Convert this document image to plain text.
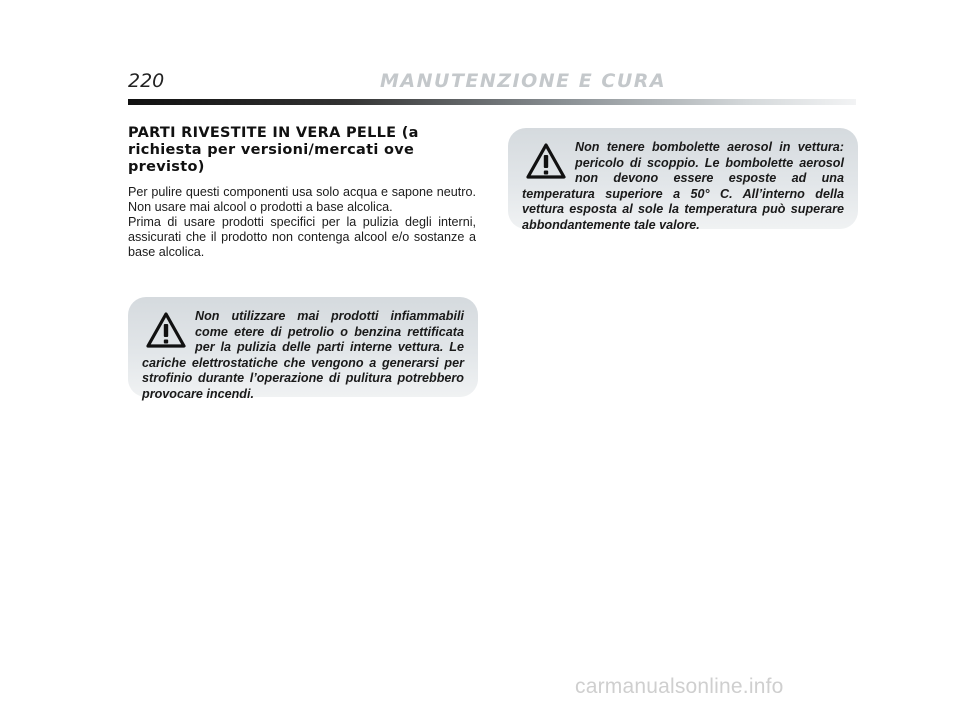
220	MANUTENZIONE E CURA
PARTI RIVESTITE IN VERA PELLE (a richiesta per versioni/mercati ove previsto)

Per pulire questi componenti usa solo acqua e sapone neutro. Non usare mai alcool o prodotti a base alcolica.

Prima di usare prodotti specifici per la pulizia degli interni, assicurati che il prodotto non contenga alcool e/o sostanze a base alcolica.

Non utilizzare mai prodotti infiammabili come etere di petrolio o benzina rettificata per la pulizia delle parti interne vettura. Le cariche elettrostatiche che vengono a generarsi per strofinio durante l’operazione di pulitura potrebbero provocare incendi.

Non tenere bombolette aerosol in vettura: pericolo di scoppio. Le bombolette aerosol non devono essere esposte ad una temperatura superiore a 50° C. All’interno della vettura esposta al sole la temperatura può superare abbondantemente tale valore.

carmanualsonline.info
